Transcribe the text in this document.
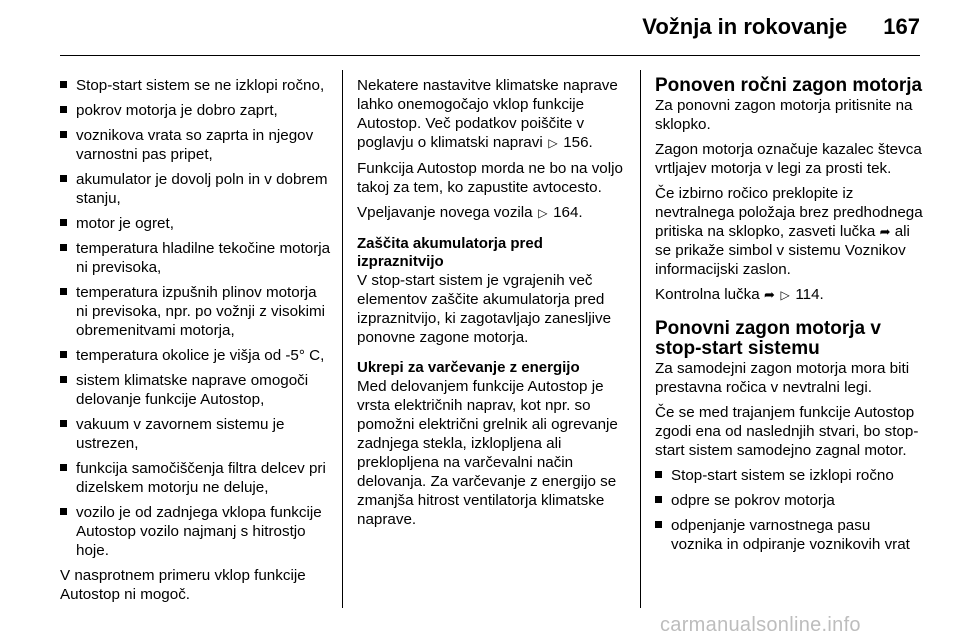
Vožnja in rokovanje 167
Stop-start sistem se ne izklopi ročno,
pokrov motorja je dobro zaprt,
voznikova vrata so zaprta in njegov varnostni pas pripet,
akumulator je dovolj poln in v dobrem stanju,
motor je ogret,
temperatura hladilne tekočine motorja ni previsoka,
temperatura izpušnih plinov motorja ni previsoka, npr. po vožnji z visokimi obremenitvami motorja,
temperatura okolice je višja od -5° C,
sistem klimatske naprave omogoči delovanje funkcije Autostop,
vakuum v zavornem sistemu je ustrezen,
funkcija samočiščenja filtra delcev pri dizelskem motorju ne deluje,
vozilo je od zadnjega vklopa funkcije Autostop vozilo najmanj s hitrostjo hoje.

V nasprotnem primeru vklop funkcije Autostop ni mogoč.

Nekatere nastavitve klimatske naprave lahko onemogočajo vklop funkcije Autostop. Več podatkov poiščite v poglavju o klimatski napravi ▷ 156.

Funkcija Autostop morda ne bo na voljo takoj za tem, ko zapustite avtocesto.

Vpeljavanje novega vozila ▷ 164.

Zaščita akumulatorja pred izpraznitvijo

V stop-start sistem je vgrajenih več elementov zaščite akumulatorja pred izpraznitvijo, ki zagotavljajo zanesljive ponovne zagone motorja.

Ukrepi za varčevanje z energijo

Med delovanjem funkcije Autostop je vrsta električnih naprav, kot npr. so pomožni električni grelnik ali ogrevanje zadnjega stekla, izklopljena ali preklopljena na varčevalni način delovanja. Za varčevanje z energijo se zmanjša hitrost ventilatorja klimatske naprave.

Ponoven ročni zagon motorja

Za ponovni zagon motorja pritisnite na sklopko.

Zagon motorja označuje kazalec števca vrtljajev motorja v legi za prosti tek.

Če izbirno ročico preklopite iz nevtralnega položaja brez predhodnega pritiska na sklopko, zasveti lučka ➦ ali se prikaže simbol v sistemu Voznikov informacijski zaslon.

Kontrolna lučka ➦ ▷ 114.

Ponovni zagon motorja v stop-start sistemu

Za samodejni zagon motorja mora biti prestavna ročica v nevtralni legi.

Če se med trajanjem funkcije Autostop zgodi ena od naslednjih stvari, bo stop-start sistem samodejno zagnal motor.

Stop-start sistem se izklopi ročno
odpre se pokrov motorja
odpenjanje varnostnega pasu voznika in odpiranje voznikovih vrat
carmanualsonline.info
